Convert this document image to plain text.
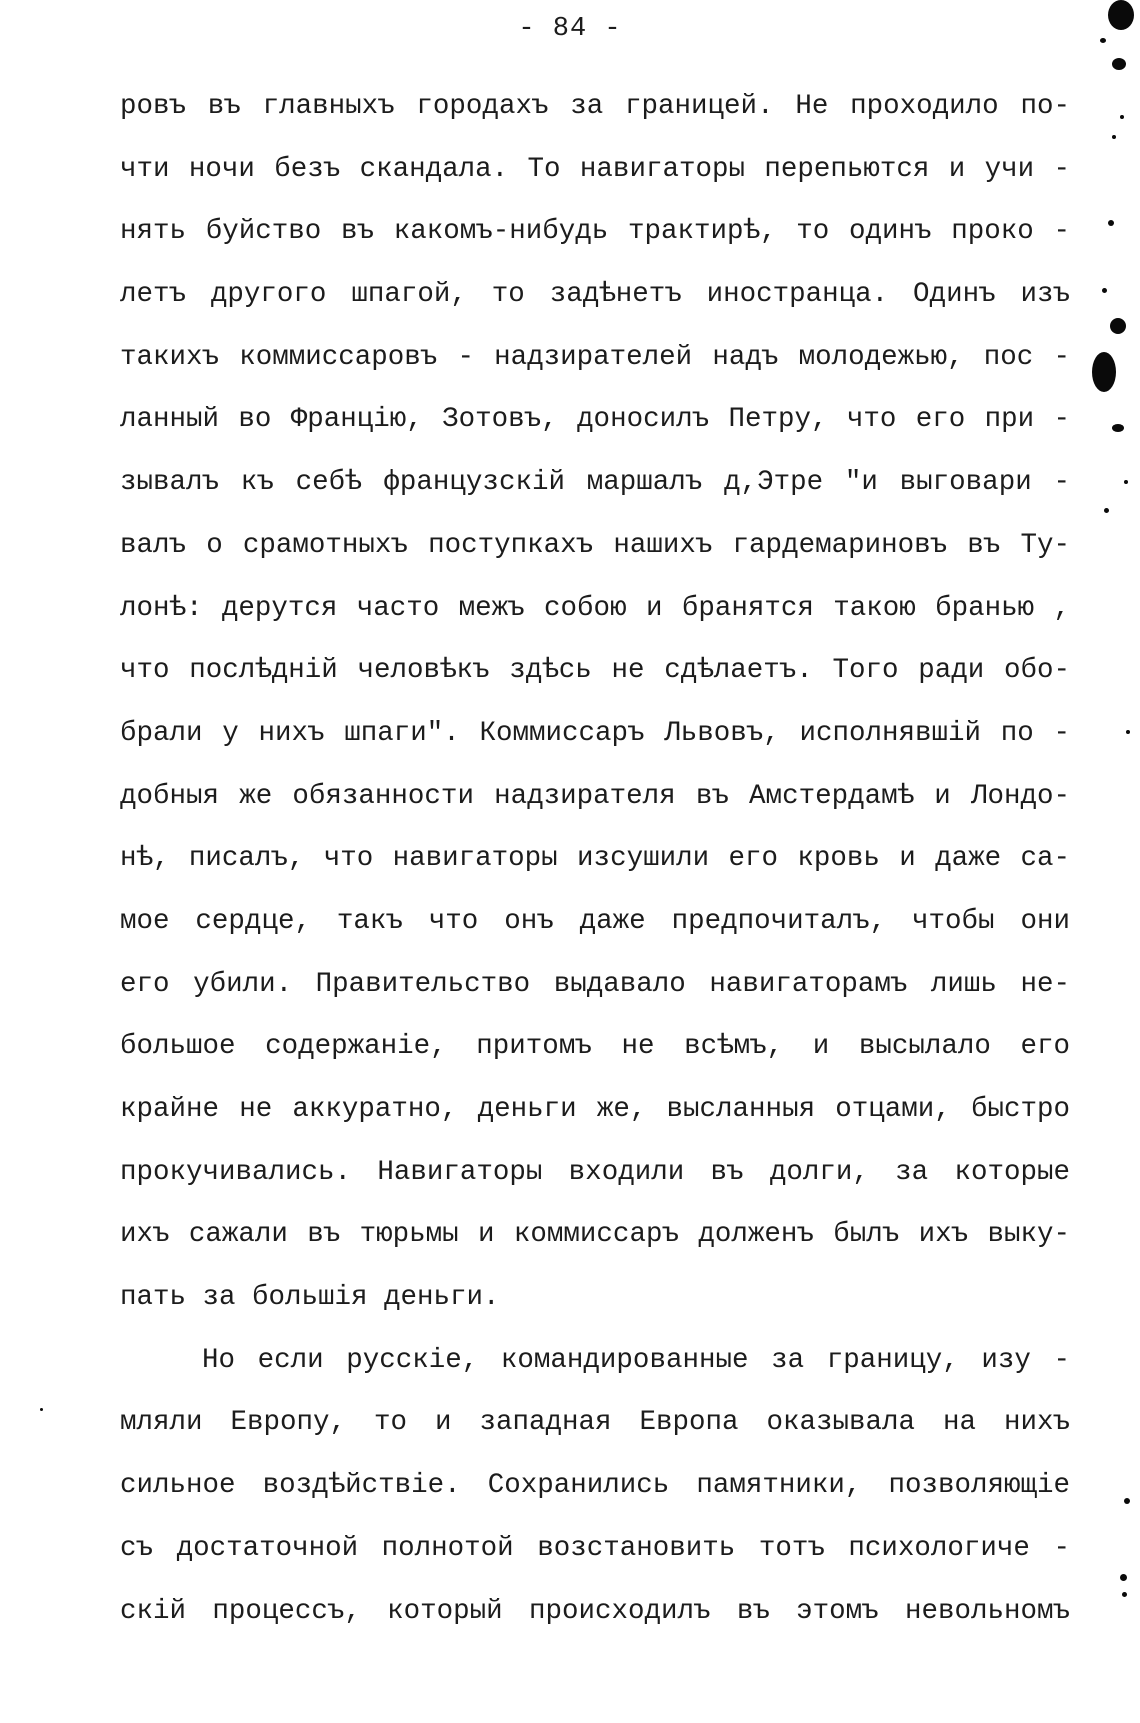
- 84 -
ровъ въ главныхъ городахъ за границей. Не проходило по-
чти ночи безъ скандала. То навигаторы перепьются и учи -
нять буйство въ какомъ-нибудь трактирѣ, то одинъ проко -
летъ другого шпагой, то задѣнетъ иностранца. Одинъ изъ
такихъ коммиссаровъ - надзирателей надъ молодежью, пос -
ланный во Францію, Зотовъ, доносилъ Петру, что его при -
зывалъ къ себѣ французскій маршалъ д,Этре "и выговари -
валъ о срамотныхъ поступкахъ нашихъ гардемариновъ въ Ту-
лонѣ: дерутся часто межъ собою и бранятся такою бранью ,
что послѣдній человѣкъ здѣсь не сдѣлаетъ. Того ради обо-
брали у нихъ шпаги". Коммиссаръ Львовъ, исполнявшій по -
добныя же обязанности надзирателя въ Амстердамѣ и Лондо-
нѣ, писалъ, что навигаторы изсушили его кровь и даже са-
мое сердце, такъ что онъ даже предпочиталъ, чтобы они
его убили. Правительство выдавало навигаторамъ лишь не-
большое содержаніе, притомъ не всѣмъ, и высылало его
крайне не аккуратно, деньги же, высланныя отцами, быстро
прокучивались. Навигаторы входили въ долги, за которые
ихъ сажали въ тюрьмы и коммиссаръ долженъ былъ ихъ выку-
пать за большія деньги.
Но если русскіе, командированные за границу, изу -
мляли Европу, то и западная Европа оказывала на нихъ
сильное воздѣйствіе. Сохранились памятники, позволяющіе
съ достаточной полнотой возстановить тотъ психологиче -
скій процессъ, который происходилъ въ этомъ невольномъ
